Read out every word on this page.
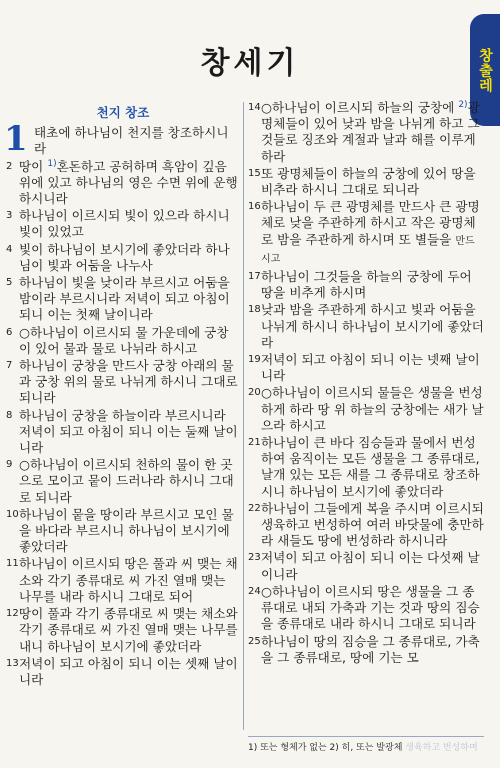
창출레
창세기
천지 창조
1 태초에 하나님이 천지를 창조하시니라
2 땅이 $^{1)}$혼돈하고 공허하며 흑암이 깊음 위에 있고 하나님의 영은 수면 위에 운행하시니라
3 하나님이 이르시되 빛이 있으라 하시니 빛이 있었고
4 빛이 하나님이 보시기에 좋았더라 하나님이 빛과 어둠을 나누사
5 하나님이 빛을 낮이라 부르시고 어둠을 밤이라 부르시니라 저녁이 되고 아침이 되니 이는 첫째 날이니라
6 ○하나님이 이르시되 물 가운데에 궁창이 있어 물과 물로 나뉘라 하시고
7 하나님이 궁창을 만드사 궁창 아래의 물과 궁창 위의 물로 나뉘게 하시니 그대로 되니라
8 하나님이 궁창을 하늘이라 부르시니라 저녁이 되고 아침이 되니 이는 둘째 날이니라
9 ○하나님이 이르시되 천하의 물이 한 곳으로 모이고 뭍이 드러나라 하시니 그대로 되니라
10 하나님이 뭍을 땅이라 부르시고 모인 물을 바다라 부르시니 하나님이 보시기에 좋았더라
11 하나님이 이르시되 땅은 풀과 씨 맺는 채소와 각기 종류대로 씨 가진 열매 맺는 나무를 내라 하시니 그대로 되어
12 땅이 풀과 각기 종류대로 씨 맺는 채소와 각기 종류대로 씨 가진 열매 맺는 나무를 내니 하나님이 보시기에 좋았더라
13 저녁이 되고 아침이 되니 이는 셋째 날이니라
14 ○하나님이 이르시되 하늘의 궁창에 $^{2)}$광명체들이 있어 낮과 밤을 나뉘게 하고 그것들로 징조와 계절과 날과 해를 이루게 하라
15 또 광명체들이 하늘의 궁창에 있어 땅을 비추라 하시니 그대로 되니라
16 하나님이 두 큰 광명체를 만드사 큰 광명체로 낮을 주관하게 하시고 작은 광명체로 밤을 주관하게 하시며 또 별들을 만드시고
17 하나님이 그것들을 하늘의 궁창에 두어 땅을 비추게 하시며
18 낮과 밤을 주관하게 하시고 빛과 어둠을 나뉘게 하시니 하나님이 보시기에 좋았더라
19 저녁이 되고 아침이 되니 이는 넷째 날이니라
20 ○하나님이 이르시되 물들은 생물을 번성하게 하라 땅 위 하늘의 궁창에는 새가 날으라 하시고
21 하나님이 큰 바다 짐승들과 물에서 번성하여 움직이는 모든 생물을 그 종류대로, 날개 있는 모든 새를 그 종류대로 창조하시니 하나님이 보시기에 좋았더라
22 하나님이 그들에게 복을 주시며 이르시되 생육하고 번성하여 여러 바닷물에 충만하라 새들도 땅에 번성하라 하시니라
23 저녁이 되고 아침이 되니 이는 다섯째 날이니라
24 ○하나님이 이르시되 땅은 생물을 그 종류대로 내되 가축과 기는 것과 땅의 짐승을 종류대로 내라 하시니 그대로 되니라
25 하나님이 땅의 짐승을 그 종류대로, 가축을 그 종류대로, 땅에 기는 모
1) 또는 형체가 없는 2) 히, 또는 발광체 생육하고 번성하며
